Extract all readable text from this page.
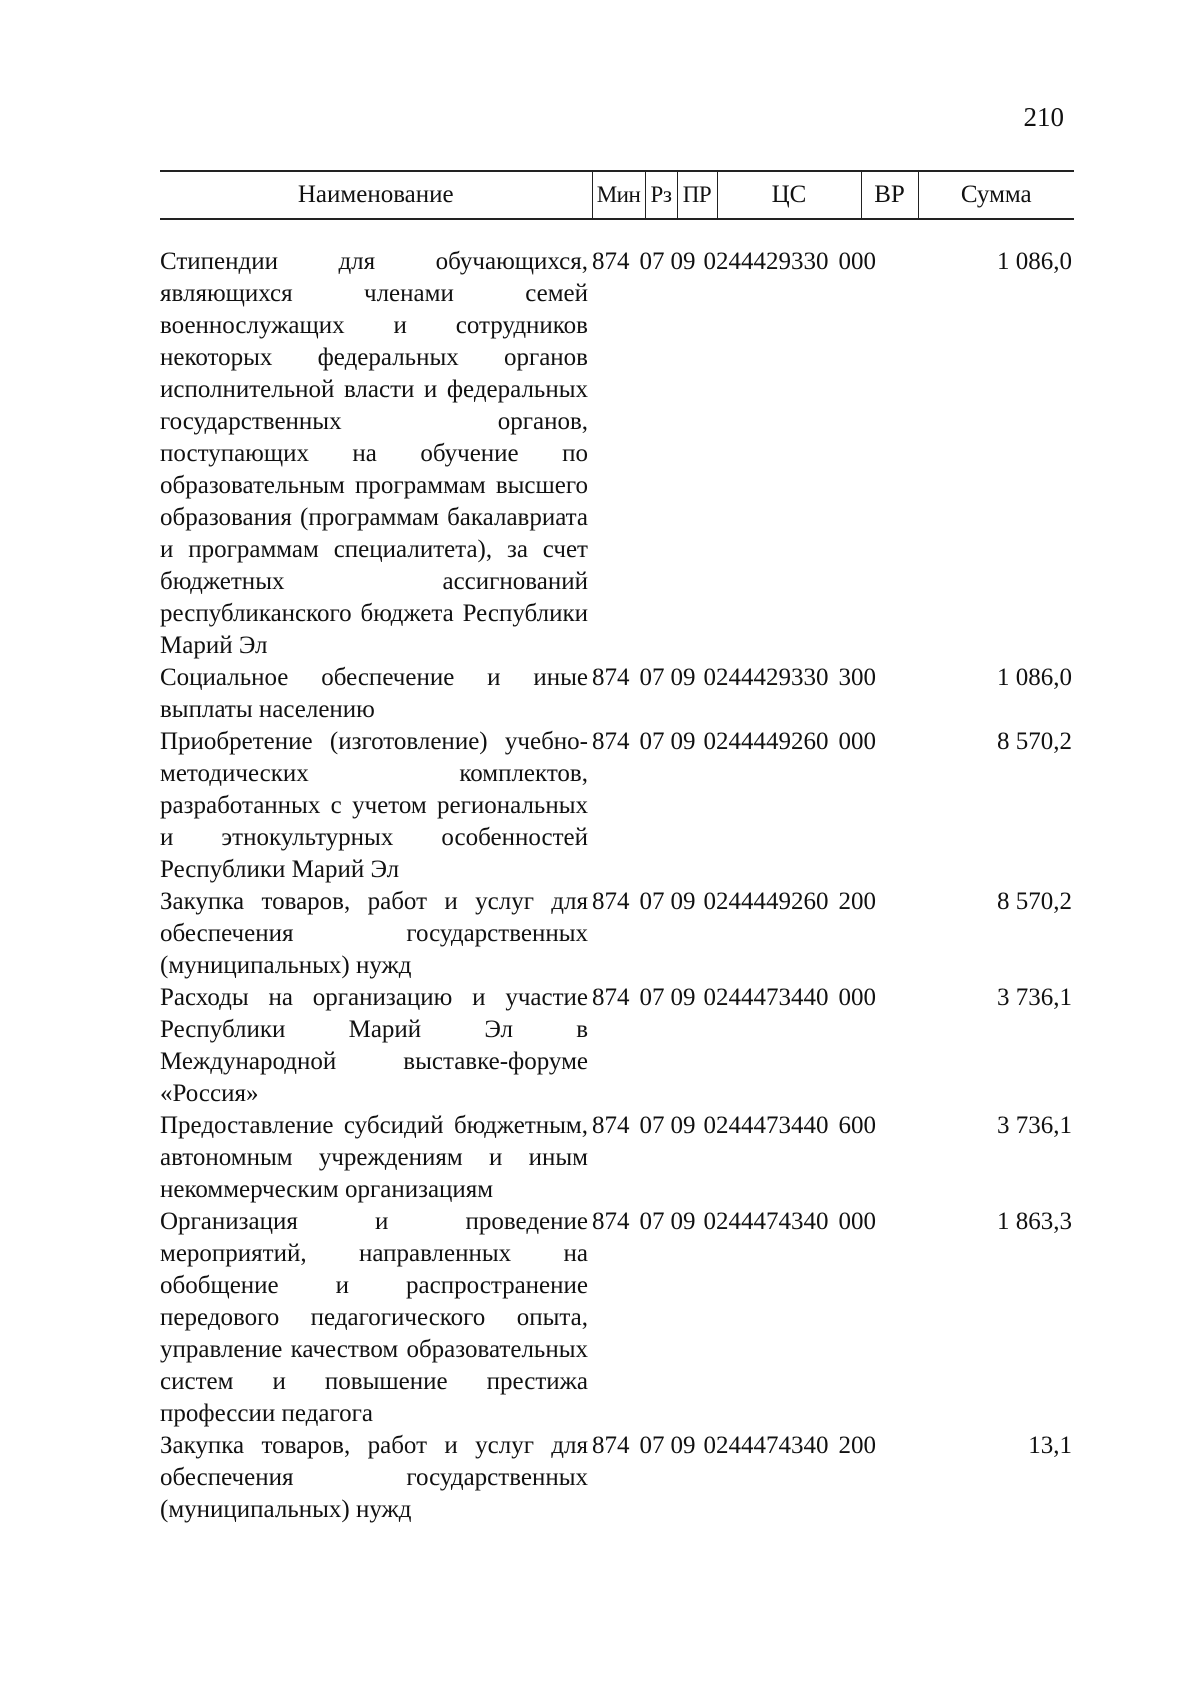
210
Наименование	Мин	Рз	ПР	ЦС	ВР	Сумма

Стипендии для обучающихся, являющихся членами семей военнослужащих и сотрудников некоторых федеральных органов исполнительной власти и федеральных государственных органов, поступающих на обучение по образовательным программам высшего образования (программам бакалавриата и программам специалитета), за счет бюджетных ассигнований республиканского бюджета Республики Марий Эл	874 07 09 0244429330 000					1 086,0
Социальное обеспечение и иные выплаты населению	874 07 09 0244429330 300					1 086,0
Приобретение (изготовление) учебно-методических комплектов, разработанных с учетом региональных и этнокультурных особенностей Республики Марий Эл	874 07 09 0244449260 000					8 570,2
Закупка товаров, работ и услуг для обеспечения государственных (муниципальных) нужд	874 07 09 0244449260 200					8 570,2
Расходы на организацию и участие Республики Марий Эл в Международной выставке-форуме «Россия»	874 07 09 0244473440 000					3 736,1
Предоставление субсидий бюджетным, автономным учреждениям и иным некоммерческим организациям	874 07 09 0244473440 600					3 736,1
Организация и проведение мероприятий, направленных на обобщение и распространение передового педагогического опыта, управление качеством образовательных систем и повышение престижа профессии педагога	874 07 09 0244474340 000					1 863,3
Закупка товаров, работ и услуг для обеспечения государственных (муниципальных) нужд	874 07 09 0244474340 200					13,1
